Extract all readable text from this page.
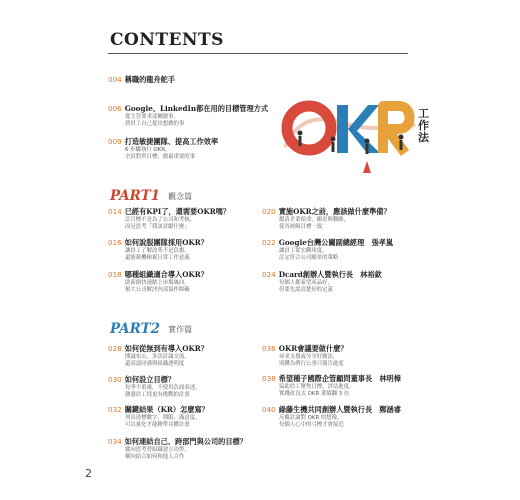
CONTENTS
004 稱職的龍舟舵手
006 Google、LinkedIn都在用的目標管理方式
從主管要求部屬做事，
到員工自己提出想做的事
009 打造敏捷團隊、提高工作效率
6 步驟執行 OKR，
全員對齊目標，做最重要的事
工作法
PART1 觀念篇
014 已經有KPI了，還需要OKR嗎？
訂目標不是為了公司和考核，
而是思考「我該貢獻什麼」
016 如何說服團隊採用OKR？
讓員工了解改革不是負擔，
還能藉機檢視日常工作意義
018 哪種組織適合導入OKR？
助新創快速踏上市場風向，
幫大公司解決內部協作障礙
020 實施OKR之前，應該做什麼準備？
釐清企業使命、願景與戰略，
使各層級目標一致
022 Google台灣公關副總經理　張孝嵐
讓員工從宏觀角度，
訂定符合公司願景的策略
024 Dcard創辦人暨執行長　林裕欽
每個人都希望產品好，
但要先說清楚好的定義
PART2 實作篇
028 如何從無到有導入OKR？
開誠布公，多次討論交流，
還高認同感與組織透明度
030 如何設立目標？
每季不重複，不使用負面表述，
激發員工找更有挑戰的計畫
032 關鍵結果（KR）怎麼寫？
列出達標數字、期限、滿意度，
可以量化才能精準具體計畫
034 如何連結自己、跨部門與公司的目標？
縱向思考替組織建立功勞，
橫向結合如何和他人合作
036 OKR會議要做什麼？
尋求支援或分享好做法，
別鑽為例行公事只報告進度
038 希望種子國際企管顧問董事長　林明樟
協助員工聚焦目標，評估進度，
實踐改良式 OKR 業績翻 3 倍
040 綠藤生機共同創辦人暨執行長　鄭涵睿
反覆討論對 OKR 的想像，
每個人心中的弓標才會接近
2
